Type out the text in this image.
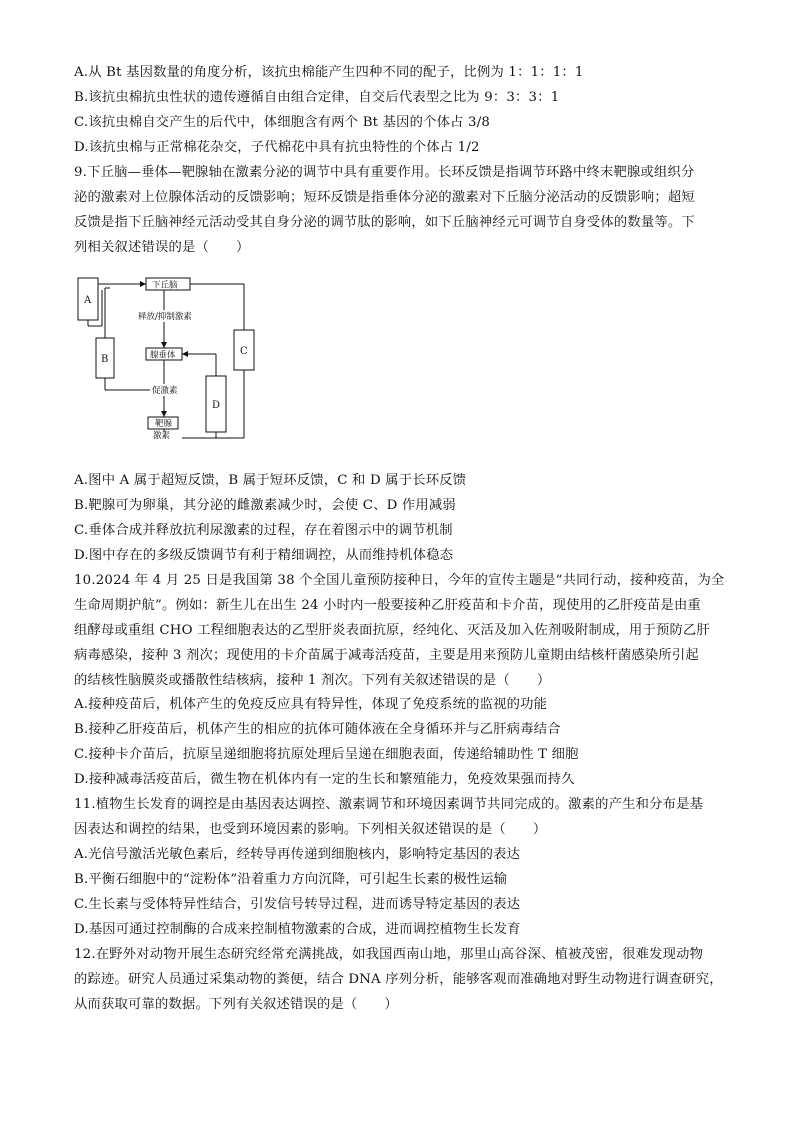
A.从 Bt 基因数量的角度分析，该抗虫棉能产生四种不同的配子，比例为 1：1：1：1
B.该抗虫棉抗虫性状的遗传遵循自由组合定律，自交后代表型之比为 9：3：3：1
C.该抗虫棉自交产生的后代中，体细胞含有两个 Bt 基因的个体占 3/8
D.该抗虫棉与正常棉花杂交，子代棉花中具有抗虫特性的个体占 1/2
9.下丘脑—垂体—靶腺轴在激素分泌的调节中具有重要作用。长环反馈是指调节环路中终末靶腺或组织分
泌的激素对上位腺体活动的反馈影响；短环反馈是指垂体分泌的激素对下丘脑分泌活动的反馈影响；超短
反馈是指下丘脑神经元活动受其自身分泌的调节肽的影响，如下丘脑神经元可调节自身受体的数量等。下
列相关叙述错误的是（　　）
下丘脑
释放/抑制激素
腺垂体
促激素
靶腺
激素
A
B
C
D
A.图中 A 属于超短反馈，B 属于短环反馈，C 和 D 属于长环反馈
B.靶腺可为卵巢，其分泌的雌激素减少时，会使 C、D 作用减弱
C.垂体合成并释放抗利尿激素的过程，存在着图示中的调节机制
D.图中存在的多级反馈调节有利于精细调控，从而维持机体稳态
10.2024 年 4 月 25 日是我国第 38 个全国儿童预防接种日，今年的宣传主题是“共同行动，接种疫苗，为全
生命周期护航”。例如：新生儿在出生 24 小时内一般要接种乙肝疫苗和卡介苗，现使用的乙肝疫苗是由重
组酵母或重组 CHO 工程细胞表达的乙型肝炎表面抗原，经纯化、灭活及加入佐剂吸附制成，用于预防乙肝
病毒感染，接种 3 剂次；现使用的卡介苗属于减毒活疫苗，主要是用来预防儿童期由结核杆菌感染所引起
的结核性脑膜炎或播散性结核病，接种 1 剂次。下列有关叙述错误的是（　　）
A.接种疫苗后，机体产生的免疫反应具有特异性，体现了免疫系统的监视的功能
B.接种乙肝疫苗后，机体产生的相应的抗体可随体液在全身循环并与乙肝病毒结合
C.接种卡介苗后，抗原呈递细胞将抗原处理后呈递在细胞表面，传递给辅助性 T 细胞
D.接种减毒活疫苗后，微生物在机体内有一定的生长和繁殖能力，免疫效果强而持久
11.植物生长发育的调控是由基因表达调控、激素调节和环境因素调节共同完成的。激素的产生和分布是基
因表达和调控的结果，也受到环境因素的影响。下列相关叙述错误的是（　　）
A.光信号激活光敏色素后，经转导再传递到细胞核内，影响特定基因的表达
B.平衡石细胞中的“淀粉体”沿着重力方向沉降，可引起生长素的极性运输
C.生长素与受体特异性结合，引发信号转导过程，进而诱导特定基因的表达
D.基因可通过控制酶的合成来控制植物激素的合成，进而调控植物生长发育
12.在野外对动物开展生态研究经常充满挑战，如我国西南山地，那里山高谷深、植被茂密，很难发现动物
的踪迹。研究人员通过采集动物的粪便，结合 DNA 序列分析，能够客观而准确地对野生动物进行调查研究，
从而获取可靠的数据。下列有关叙述错误的是（　　）
